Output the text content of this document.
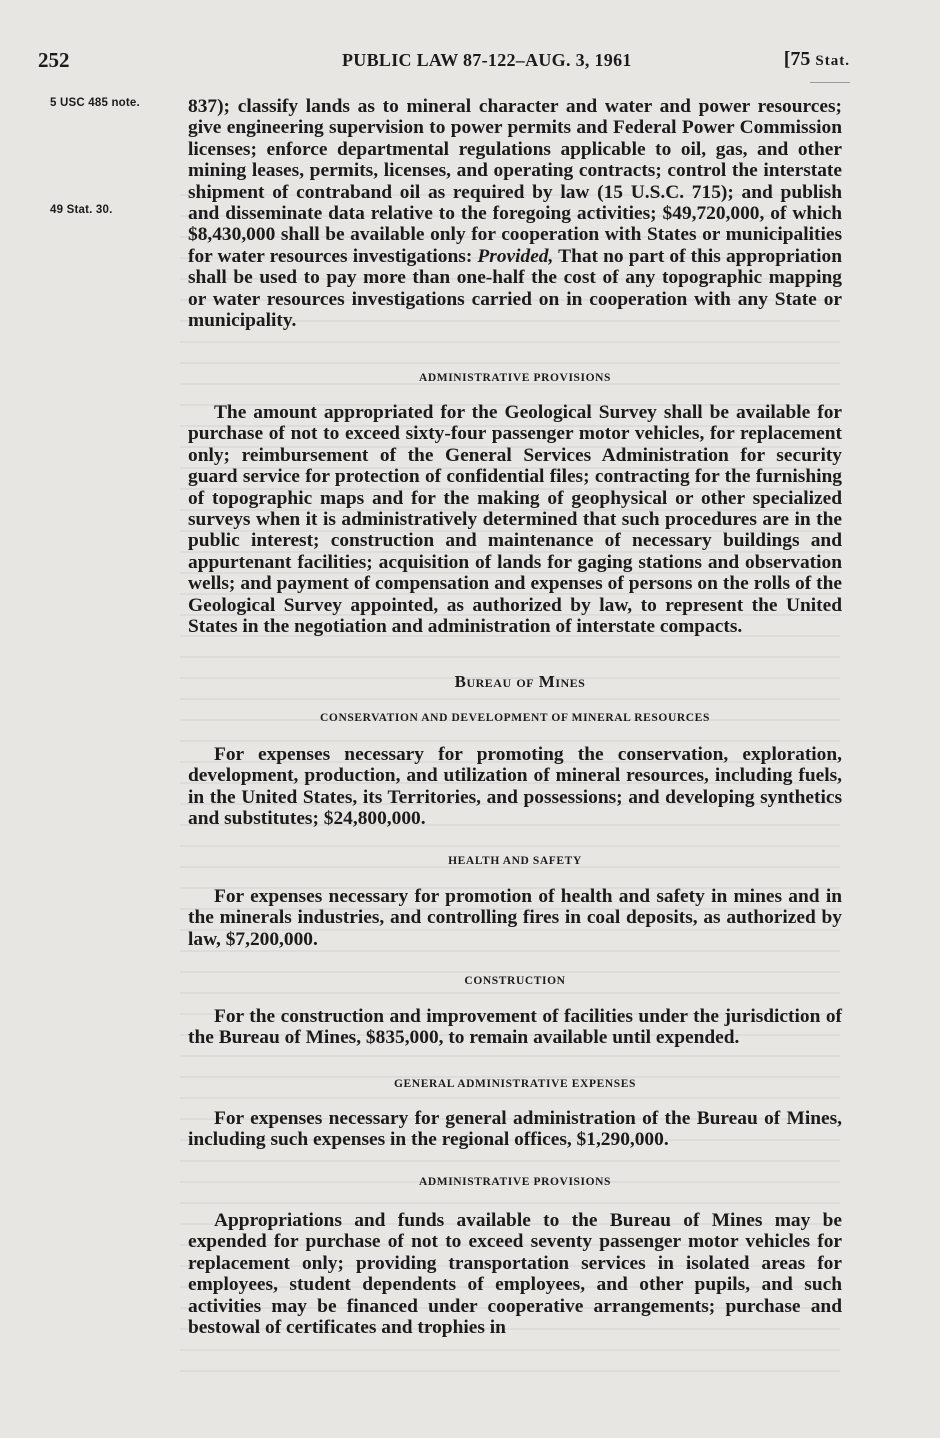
252	PUBLIC LAW 87-122–AUG. 3, 1961	[75 Stat.
5 USC 485 note.
49 Stat. 30.

837); classify lands as to mineral character and water and power resources; give engineering supervision to power permits and Federal Power Commission licenses; enforce departmental regulations applicable to oil, gas, and other mining leases, permits, licenses, and operating contracts; control the interstate shipment of contraband oil as required by law (15 U.S.C. 715); and publish and disseminate data relative to the foregoing activities; $49,720,000, of which $8,430,000 shall be available only for cooperation with States or municipalities for water resources investigations: Provided, That no part of this appropriation shall be used to pay more than one-half the cost of any topographic mapping or water resources investigations carried on in cooperation with any State or municipality.

ADMINISTRATIVE PROVISIONS

The amount appropriated for the Geological Survey shall be available for purchase of not to exceed sixty-four passenger motor vehicles, for replacement only; reimbursement of the General Services Administration for security guard service for protection of confidential files; contracting for the furnishing of topographic maps and for the making of geophysical or other specialized surveys when it is administratively determined that such procedures are in the public interest; construction and maintenance of necessary buildings and appurtenant facilities; acquisition of lands for gaging stations and observation wells; and payment of compensation and expenses of persons on the rolls of the Geological Survey appointed, as authorized by law, to represent the United States in the negotiation and administration of interstate compacts.

Bureau of Mines

CONSERVATION AND DEVELOPMENT OF MINERAL RESOURCES

For expenses necessary for promoting the conservation, exploration, development, production, and utilization of mineral resources, including fuels, in the United States, its Territories, and possessions; and developing synthetics and substitutes; $24,800,000.

HEALTH AND SAFETY

For expenses necessary for promotion of health and safety in mines and in the minerals industries, and controlling fires in coal deposits, as authorized by law, $7,200,000.

CONSTRUCTION

For the construction and improvement of facilities under the jurisdiction of the Bureau of Mines, $835,000, to remain available until expended.

GENERAL ADMINISTRATIVE EXPENSES

For expenses necessary for general administration of the Bureau of Mines, including such expenses in the regional offices, $1,290,000.

ADMINISTRATIVE PROVISIONS

Appropriations and funds available to the Bureau of Mines may be expended for purchase of not to exceed seventy passenger motor vehicles for replacement only; providing transportation services in isolated areas for employees, student dependents of employees, and other pupils, and such activities may be financed under cooperative arrangements; purchase and bestowal of certificates and trophies in
